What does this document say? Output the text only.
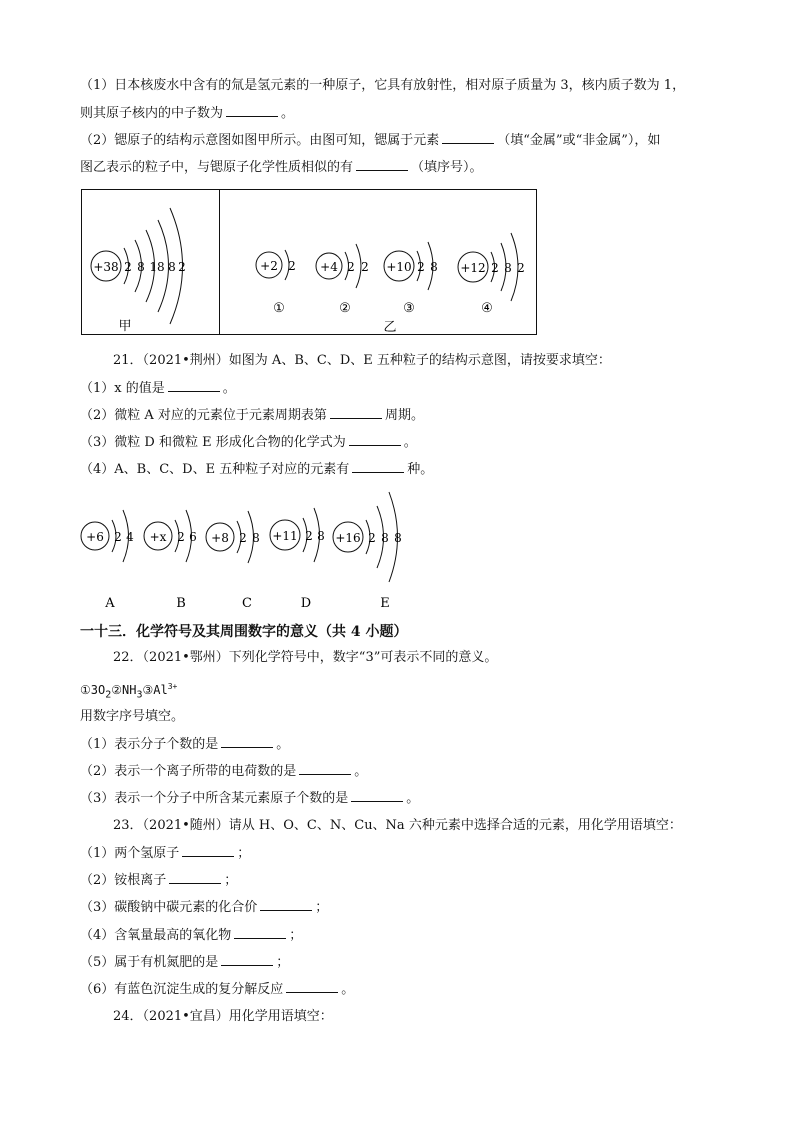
（1）日本核废水中含有的氚是氢元素的一种原子，它具有放射性，相对原子质量为 3，核内质子数为 1，
则其原子核内的中子数为	。
（2）锶原子的结构示意图如图甲所示。由图可知，锶属于元素	（填“金属”或“非金属”），如
图乙表示的粒子中，与锶原子化学性质相似的有	（填序号）。
+38 2 8 18 8 2
甲
+2 2
①
+4 2 2
②
+10 2 8
③
+12 2 8 2
④
乙
+6 2 4
A
+x 2 6
B
+8 2 8
C
+11 2 8
D
+16 2 8 8
E
21．（2021•荆州）如图为 A、B、C、D、E 五种粒子的结构示意图，请按要求填空：
（1）x 的值是	。
（2）微粒 A 对应的元素位于元素周期表第	周期。
（3）微粒 D 和微粒 E 形成化合物的化学式为	。
（4）A、B、C、D、E 五种粒子对应的元素有	种。
一十三．化学符号及其周围数字的意义（共 4 小题）
22．（2021•鄂州）下列化学符号中，数字“3”可表示不同的意义。
$①3O_2②NH_3③Al^{3+}$
用数字序号填空。
（1）表示分子个数的是	。
（2）表示一个离子所带的电荷数的是	。
（3）表示一个分子中所含某元素原子个数的是	。
23．（2021•随州）请从 H、O、C、N、Cu、Na 六种元素中选择合适的元素，用化学用语填空：
（1）两个氢原子	；
（2）铵根离子	；
（3）碳酸钠中碳元素的化合价	；
（4）含氧量最高的氧化物	；
（5）属于有机氮肥的是	；
（6）有蓝色沉淀生成的复分解反应	。
24．（2021•宜昌）用化学用语填空：
